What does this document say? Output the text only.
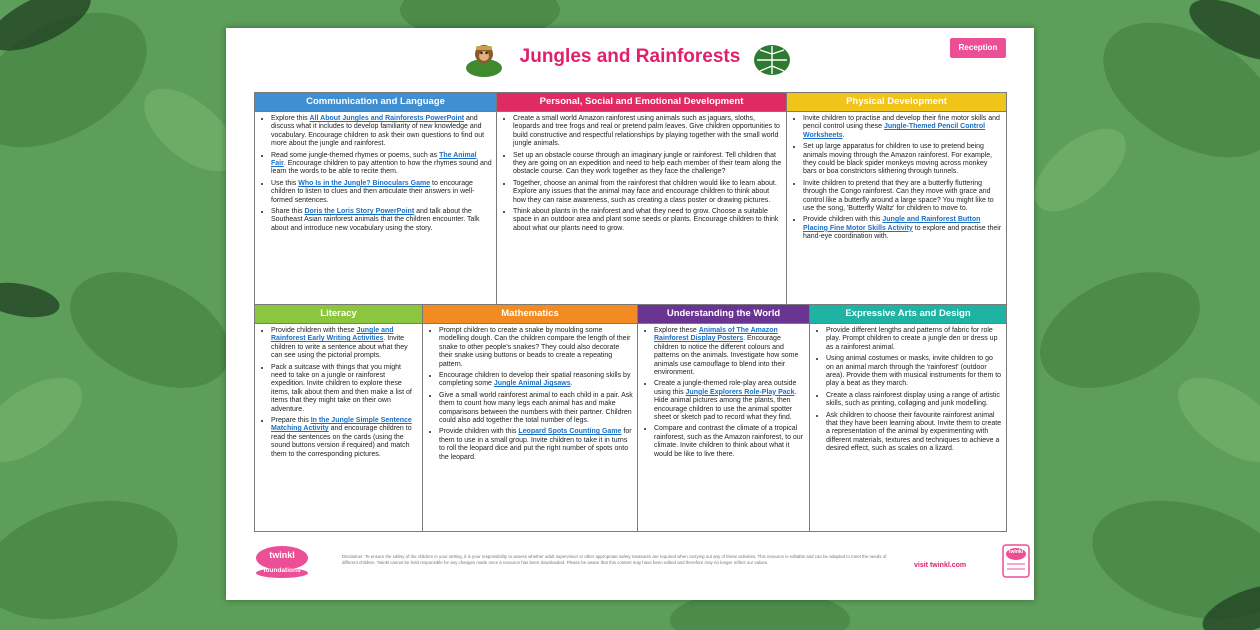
Jungles and Rainforests	Reception
Communication and Language
• Explore this All About Jungles and Rainforests PowerPoint and discuss what it includes to develop familiarity of new knowledge and vocabulary. Encourage children to ask their own questions to find out more about the jungle and rainforest.
• Read some jungle-themed rhymes or poems, such as The Animal Fair. Encourage children to pay attention to how the rhymes sound and learn the words to be able to recite them.
• Use this Who Is in the Jungle? Binoculars Game to encourage children to listen to clues and then articulate their answers in well-formed sentences.
• Share this Doris the Loris Story PowerPoint and talk about the Southeast Asian rainforest animals that the children encounter. Talk about and introduce new vocabulary using the story.
Personal, Social and Emotional Development
• Create a small world Amazon rainforest using animals such as jaguars, sloths, leopards and tree frogs and real or pretend palm leaves. Give children opportunities to build constructive and respectful relationships by playing together with the small world jungle animals.
• Set up an obstacle course through an imaginary jungle or rainforest. Tell children that they are going on an expedition and need to help each member of their team along the obstacle course. Can they work together as they face the challenge?
• Together, choose an animal from the rainforest that children would like to learn about. Explore any issues that the animal may face and encourage children to think about how they can raise awareness, such as creating a class poster or drawing pictures.
• Think about plants in the rainforest and what they need to grow. Choose a suitable space in an outdoor area and plant some seeds or plants. Encourage children to think about what our plants need to grow.
Physical Development
• Invite children to practise and develop their fine motor skills and pencil control using these Jungle-Themed Pencil Control Worksheets.
• Set up large apparatus for children to use to pretend being animals moving through the Amazon rainforest. For example, they could be black spider monkeys moving across monkey bars or boa constrictors slithering through tunnels.
• Invite children to pretend that they are a butterfly fluttering through the Congo rainforest. Can they move with grace and control like a butterfly around a large space? You might like to use the song, 'Butterfly Waltz' for children to move to.
• Provide children with this Jungle and Rainforest Button Placing Fine Motor Skills Activity to explore and practise their hand-eye coordination with.
Literacy
• Provide children with these Jungle and Rainforest Early Writing Activities. Invite children to write a sentence about what they can see using the pictorial prompts.
• Pack a suitcase with things that you might need to take on a jungle or rainforest expedition. Invite children to explore these items, talk about them and then make a list of items that they might take on their own adventure.
• Prepare this In the Jungle Simple Sentence Matching Activity and encourage children to read the sentences on the cards (using the sound buttons version if required) and match them to the corresponding pictures.
Mathematics
• Prompt children to create a snake by moulding some modelling dough. Can the children compare the length of their snake to other people's snakes? They could also decorate their snake using buttons or beads to create a repeating pattern.
• Encourage children to develop their spatial reasoning skills by completing some Jungle Animal Jigsaws.
• Give a small world rainforest animal to each child in a pair. Ask them to count how many legs each animal has and make comparisons between the numbers with their partner. Children could also add together the total number of legs.
• Provide children with this Leopard Spots Counting Game for them to use in a small group. Invite children to take it in turns to roll the leopard dice and put the right number of spots onto the leopard.
Understanding the World
• Explore these Animals of The Amazon Rainforest Display Posters. Encourage children to notice the different colours and patterns on the animals. Investigate how some animals use camouflage to blend into their environment.
• Create a jungle-themed role-play area outside using this Jungle Explorers Role-Play Pack. Hide animal pictures among the plants, then encourage children to use the animal spotter sheet or sketch pad to record what they find.
• Compare and contrast the climate of a tropical rainforest, such as the Amazon rainforest, to our climate. Invite children to think about what it would be like to live there.
Expressive Arts and Design
• Provide different lengths and patterns of fabric for role play. Prompt children to create a jungle den or dress up as a rainforest animal.
• Using animal costumes or masks, invite children to go on an animal march through the 'rainforest' (outdoor area). Provide them with musical instruments for them to play a beat as they march.
• Create a class rainforest display using a range of artistic skills, such as printing, collaging and junk modelling.
• Ask children to choose their favourite rainforest animal that they have been learning about. Invite them to create a representation of the animal by experimenting with different materials, textures and techniques to achieve a desired effect, such as scales on a lizard.
twinkl
foundations
Disclaimer: To ensure the safety of the children in your setting, it is your responsibility to assess whether adult supervision or other appropriate safety measures are required when carrying out any of these activities. This resource is editable and can be adapted to meet the needs of different children. Twinkl cannot be held responsible for any changes made once a resource has been downloaded. Please be aware that this content may have been edited and therefore may no longer reflect our values.	visit twinkl.com
twinkl
